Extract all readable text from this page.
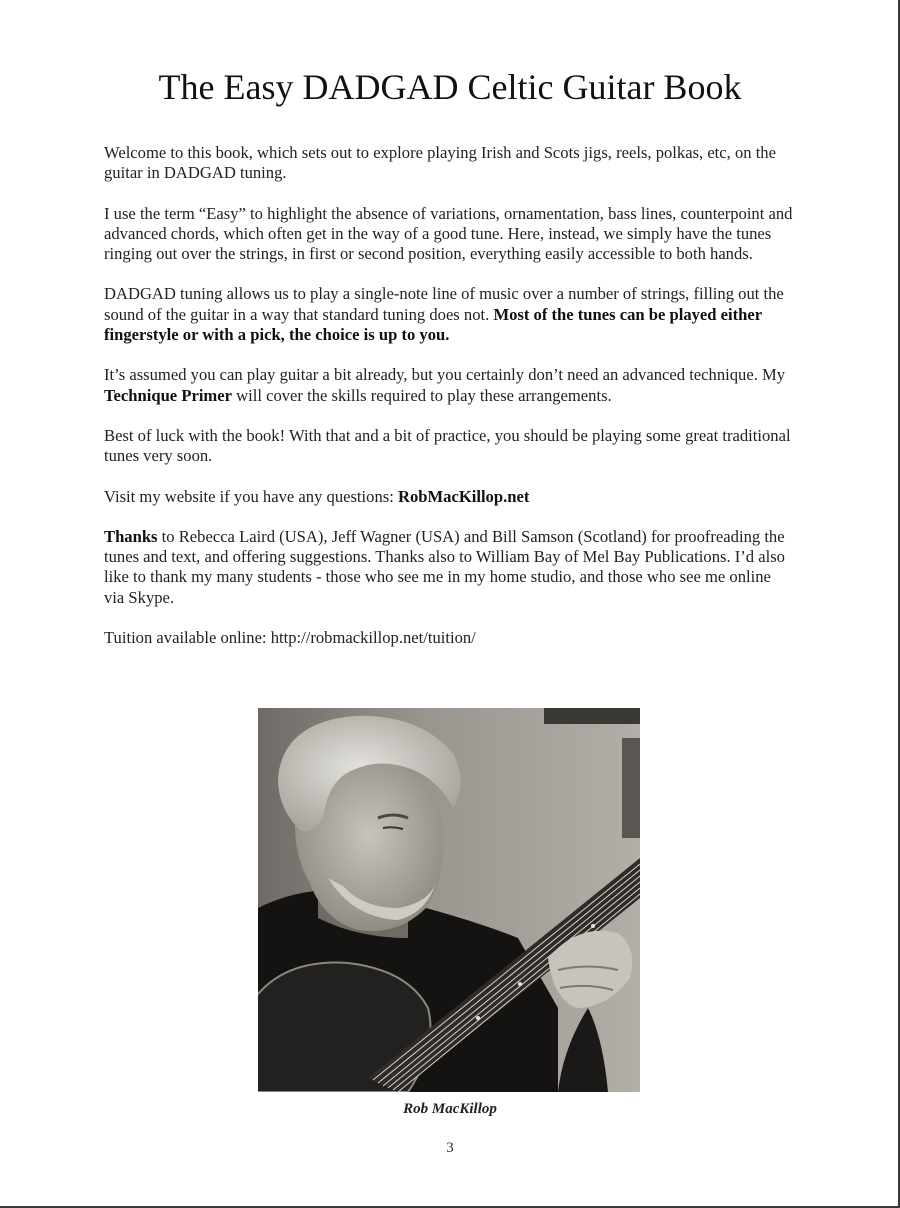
The Easy DADGAD Celtic Guitar Book

Welcome to this book, which sets out to explore playing Irish and Scots jigs, reels, polkas, etc, on the guitar in DADGAD tuning.

I use the term “Easy” to highlight the absence of variations, ornamentation, bass lines, counterpoint and advanced chords, which often get in the way of a good tune. Here, instead, we simply have the tunes ringing out over the strings, in first or second position, everything easily accessible to both hands.

DADGAD tuning allows us to play a single-note line of music over a number of strings, filling out the sound of the guitar in a way that standard tuning does not. Most of the tunes can be played either fingerstyle or with a pick, the choice is up to you.

It’s assumed you can play guitar a bit already, but you certainly don’t need an advanced technique. My Technique Primer will cover the skills required to play these arrangements.

Best of luck with the book! With that and a bit of practice, you should be playing some great traditional tunes very soon.

Visit my website if you have any questions: RobMacKillop.net

Thanks to Rebecca Laird (USA), Jeff Wagner (USA) and Bill Samson (Scotland) for proofreading the tunes and text, and offering suggestions. Thanks also to William Bay of Mel Bay Publications. I’d also like to thank my many students - those who see me in my home studio, and those who see me online via Skype.

Tuition available online: http://robmackillop.net/tuition/

Rob MacKillop
3
